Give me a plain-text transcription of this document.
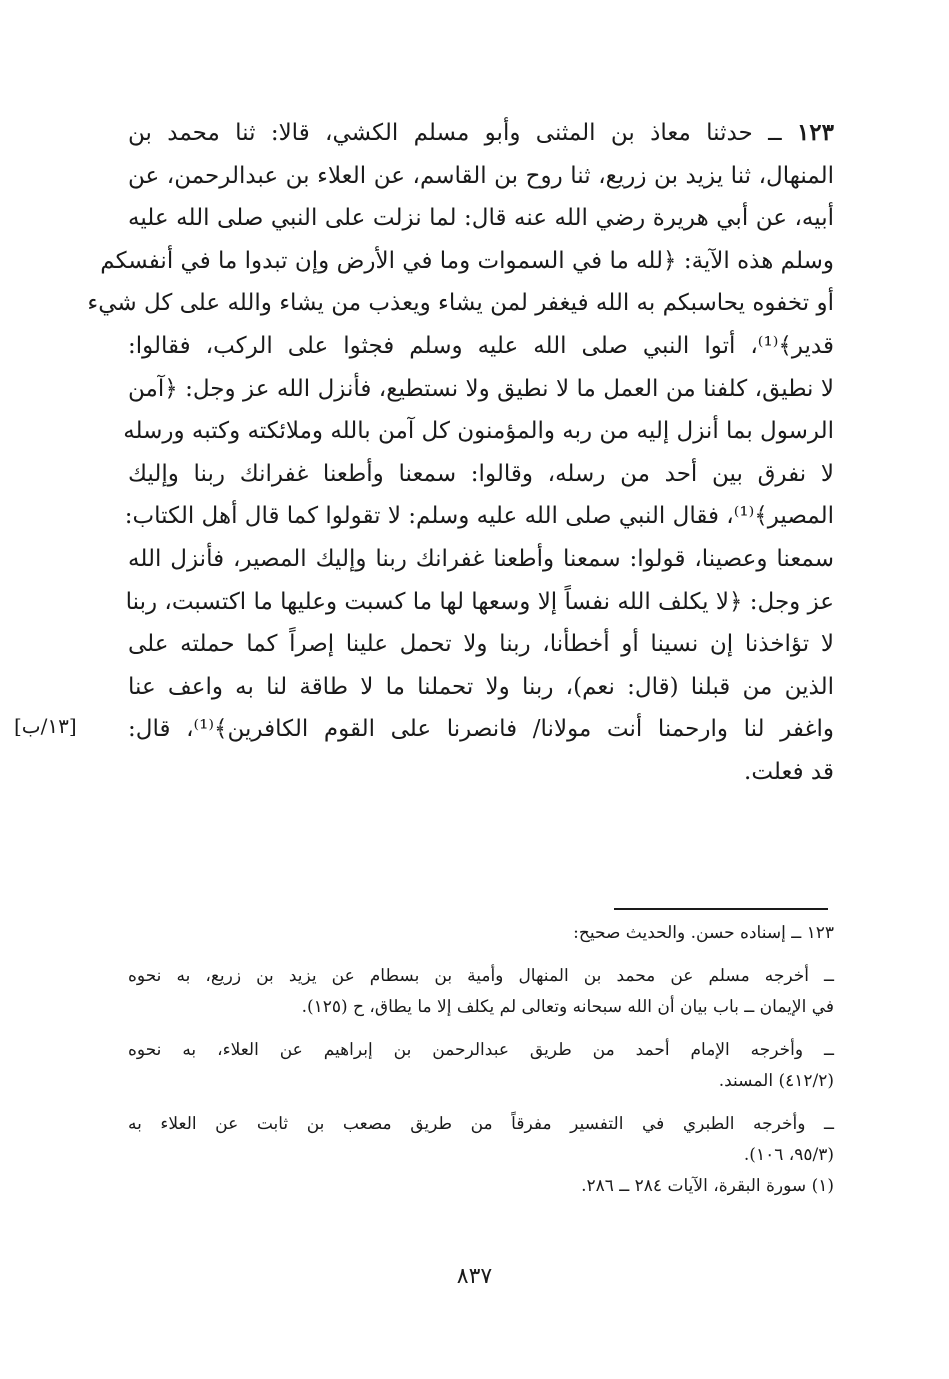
١٢٣ ــ حدثنا معاذ بن المثنى وأبو مسلم الكشي، قالا: ثنا محمد بن
المنهال، ثنا يزيد بن زريع، ثنا روح بن القاسم، عن العلاء بن عبدالرحمن، عن
أبيه، عن أبي هريرة رضي الله عنه قال: لما نزلت على النبي صلى الله عليه
وسلم هذه الآية: ﴿لله ما في السموات وما في الأرض وإن تبدوا ما في أنفسكم
أو تخفوه يحاسبكم به الله فيغفر لمن يشاء ويعذب من يشاء والله على كل شيء
قدير﴾⁽¹⁾، أتوا النبي صلى الله عليه وسلم فجثوا على الركب، فقالوا:
لا نطيق، كلفنا من العمل ما لا نطيق ولا نستطيع، فأنزل الله عز وجل: ﴿آمن
الرسول بما أنزل إليه من ربه والمؤمنون كل آمن بالله وملائكته وكتبه ورسله
لا نفرق بين أحد من رسله، وقالوا: سمعنا وأطعنا غفرانك ربنا وإليك
المصير﴾⁽¹⁾، فقال النبي صلى الله عليه وسلم: لا تقولوا كما قال أهل الكتاب:
سمعنا وعصينا، قولوا: سمعنا وأطعنا غفرانك ربنا وإليك المصير، فأنزل الله
عز وجل: ﴿لا يكلف الله نفساً إلا وسعها لها ما كسبت وعليها ما اكتسبت، ربنا
لا تؤاخذنا إن نسينا أو أخطأنا، ربنا ولا تحمل علينا إصراً كما حملته على
الذين من قبلنا (قال: نعم)، ربنا ولا تحملنا ما لا طاقة لنا به واعف عنا
واغفر لنا وارحمنا أنت مولانا/ فانصرنا على القوم الكافرين﴾⁽¹⁾، قال:
قد فعلت.
[١٣/ب]
١٢٣ ــ إسناده حسن. والحديث صحيح:
ــ أخرجه مسلم عن محمد بن المنهال وأمية بن بسطام عن يزيد بن زريع، به نحوه
في الإيمان ــ باب بيان أن الله سبحانه وتعالى لم يكلف إلا ما يطاق، ح (١٢٥).
ــ وأخرجه الإمام أحمد من طريق عبدالرحمن بن إبراهيم عن العلاء، به نحوه
(٤١٢/٢) المسند.
ــ وأخرجه الطبري في التفسير مفرقاً من طريق مصعب بن ثابت عن العلاء به
(٩٥/٣، ١٠٦).
(١) سورة البقرة، الآيات ٢٨٤ ــ ٢٨٦.
٨٣٧
